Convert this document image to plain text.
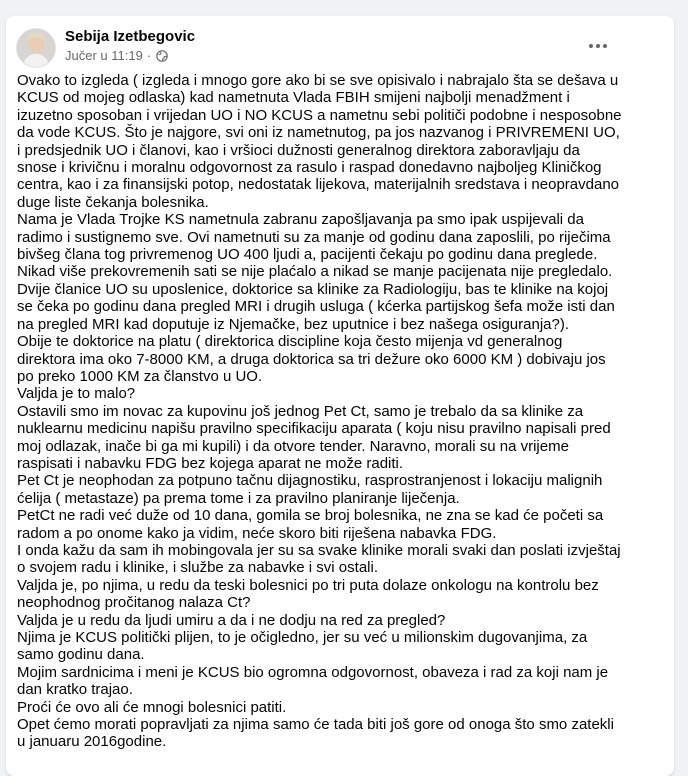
Sebija Izetbegovic
Jučer u 11:19 ·

Ovako to izgleda ( izgleda i mnogo gore ako bi se sve opisivalo i nabrajalo šta se dešava u KCUS od mojeg odlaska) kad nametnuta Vlada FBIH smijeni najbolji menadžment i izuzetno sposoban i vrijedan UO i NO KCUS a nametnu sebi političi podobne i nesposobne da vode KCUS. Što je najgore, svi oni iz nametnutog, pa jos nazvanog i PRIVREMENI UO, i predsjednik UO i članovi, kao i vršioci dužnosti generalnog direktora zaboravljaju da snose i krivičnu i moralnu odgovornost za rasulo i raspad donedavno najboljeg Kliničkog centra, kao i za finansijski potop, nedostatak lijekova, materijalnih sredstava i neopravdano duge liste čekanja bolesnika.

Nama je Vlada Trojke KS nametnula zabranu zapošljavanja pa smo ipak uspijevali da radimo i sustignemo sve. Ovi nametnuti su za manje od godinu dana zaposlili, po riječima bivšeg člana tog privremenog UO 400 ljudi a, pacijenti čekaju po godinu dana preglede.

Nikad više prekovremenih sati se nije plaćalo a nikad se manje pacijenata nije pregledalo.

Dvije članice UO su uposlenice, doktorice sa klinike za Radiologiju, bas te klinike na kojoj se čeka po godinu dana pregled MRI i drugih usluga ( kćerka partijskog šefa može isti dan na pregled MRI kad doputuje iz Njemačke, bez uputnice i bez našega osiguranja?).

Obije te doktorice na platu ( direktorica discipline koja često mijenja vd generalnog direktora ima oko 7-8000 KM, a druga doktorica sa tri dežure oko 6000 KM ) dobivaju jos po preko 1000 KM za članstvo u UO.

Valjda je to malo?

Ostavili smo im novac za kupovinu još jednog Pet Ct, samo je trebalo da sa klinike za nuklearnu medicinu napišu pravilno specifikaciju aparata ( koju nisu pravilno napisali pred moj odlazak, inače bi ga mi kupili) i da otvore tender. Naravno, morali su na vrijeme raspisati i nabavku FDG bez kojega aparat ne može raditi.

Pet Ct je neophodan za potpuno tačnu dijagnostiku, rasprostranjenost i lokaciju malignih ćelija ( metastaze) pa prema tome i za pravilno planiranje liječenja.

PetCt ne radi već duže od 10 dana, gomila se broj bolesnika, ne zna se kad će početi sa radom a po onome kako ja vidim, neće skoro biti riješena nabavka FDG.

I onda kažu da sam ih mobingovala jer su sa svake klinike morali svaki dan poslati izvještaj o svojem radu i klinike, i službe za nabavke i svi ostali.

Valjda je, po njima, u redu da teski bolesnici po tri puta dolaze onkologu na kontrolu bez neophodnog pročitanog nalaza Ct?

Valjda je u redu da ljudi umiru a da i ne dodju na red za pregled?

Njima je KCUS politički plijen, to je očigledno, jer su već u milionskim dugovanjima, za samo godinu dana.

Mojim sardnicima i meni je KCUS bio ogromna odgovornost, obaveza i rad za koji nam je dan kratko trajao.

Proći će ovo ali će mnogi bolesnici patiti.

Opet ćemo morati popravljati za njima samo će tada biti još gore od onoga što smo zatekli u januaru 2016godine.
